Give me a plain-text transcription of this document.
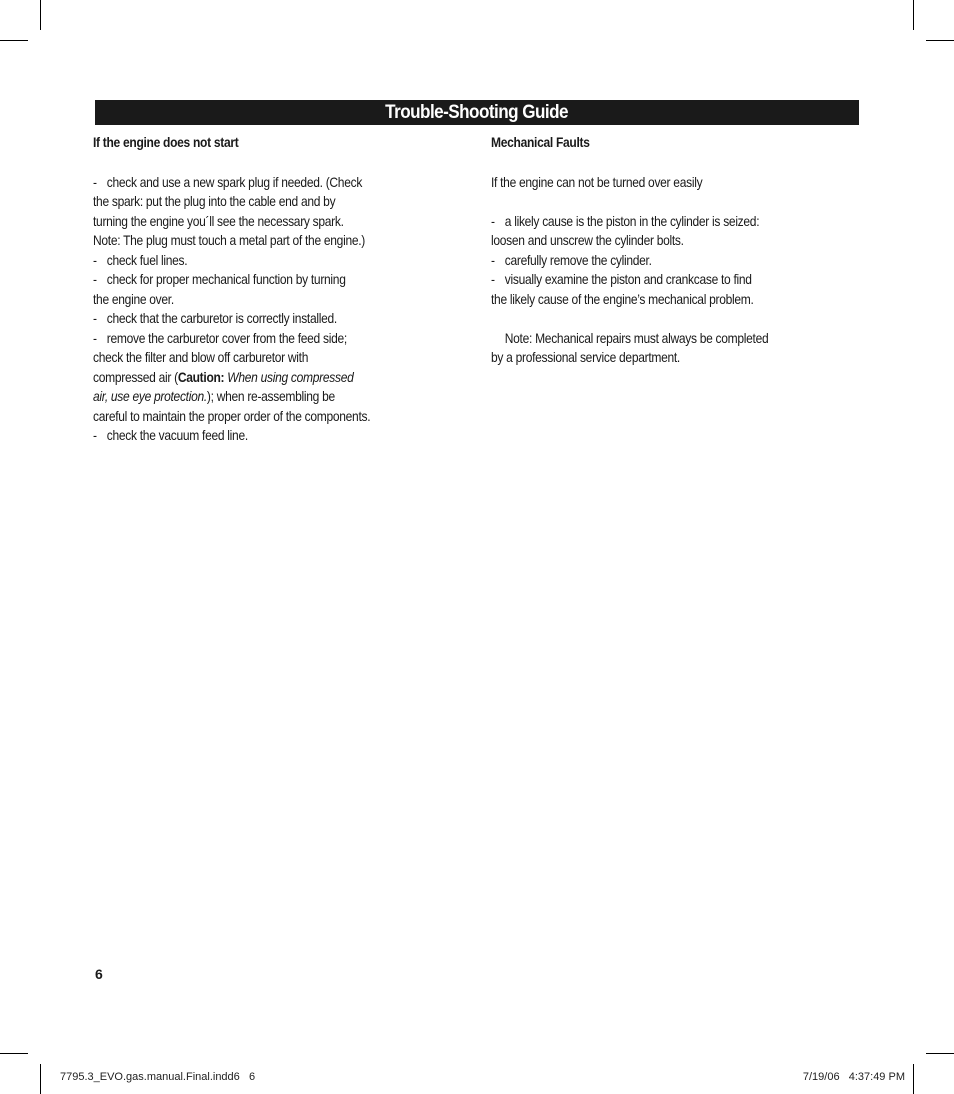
Trouble-Shooting Guide

If the engine does not start

- check and use a new spark plug if needed. (Check

the spark: put the plug into the cable end and by

turning the engine you´ll see the necessary spark.

Note: The plug must touch a metal part of the engine.)

- check fuel lines.

- check for proper mechanical function by turning

the engine over.

- check that the carburetor is correctly installed.

- remove the carburetor cover from the feed side;

check the filter and blow off carburetor with

compressed air (Caution: When using compressed

air, use eye protection.); when re-assembling be

careful to maintain the proper order of the components.

- check the vacuum feed line.

Mechanical Faults

If the engine can not be turned over easily

- a likely cause is the piston in the cylinder is seized:

loosen and unscrew the cylinder bolts.

- carefully remove the cylinder.

- visually examine the piston and crankcase to find

the likely cause of the engine’s mechanical problem.

Note: Mechanical repairs must always be completed

by a professional service department.

6
7795.3_EVO.gas.manual.Final.indd6   6	7/19/06   4:37:49 PM
